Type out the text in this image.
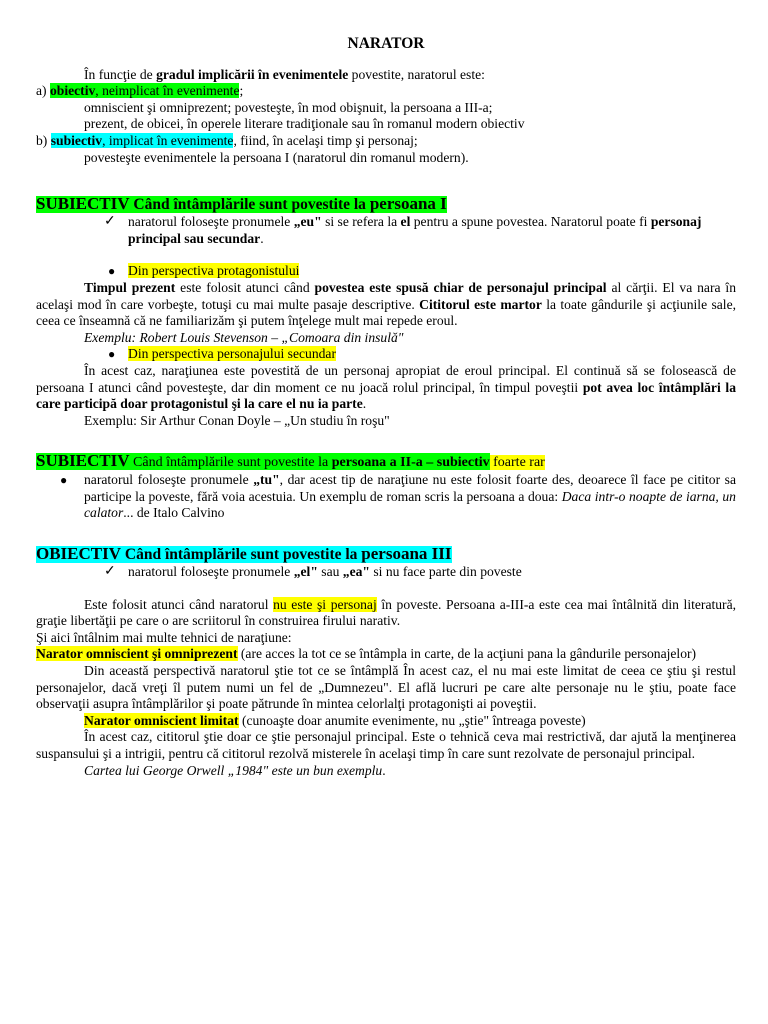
NARATOR

În funcţie de gradul implicării în evenimentele povestite, naratorul este:

a) obiectiv, neimplicat în evenimente;

omniscient şi omniprezent; povesteşte, în mod obişnuit, la persoana a III-a;

prezent, de obicei, în operele literare tradiţionale sau în romanul modern obiectiv

b) subiectiv, implicat în evenimente, fiind, în acelaşi timp şi personaj;

povesteşte evenimentele la persoana I (naratorul din romanul modern).

SUBIECTIV Când întâmplările sunt povestite la persoana I

✓ naratorul foloseşte pronumele „eu" si se refera la el pentru a spune povestea. Naratorul poate fi personaj principal sau secundar.
● Din perspectiva protagonistului

Timpul prezent este folosit atunci când povestea este spusă chiar de personajul principal al cărţii. El va nara în acelaşi mod în care vorbeşte, totuşi cu mai multe pasaje descriptive. Cititorul este martor la toate gândurile şi acţiunile sale, ceea ce înseamnă că ne familiarizăm şi putem înţelege mult mai repede eroul.

Exemplu: Robert Louis Stevenson – „Comoara din insulă"

● Din perspectiva personajului secundar

În acest caz, naraţiunea este povestită de un personaj apropiat de eroul principal. El continuă să se folosească de persoana I atunci când povesteşte, dar din moment ce nu joacă rolul principal, în timpul poveştii pot avea loc întâmplări la care participă doar protagonistul şi la care el nu ia parte.

Exemplu: Sir Arthur Conan Doyle – „Un studiu în roşu"

SUBIECTIV Când întâmplările sunt povestite la persoana a II-a – subiectiv foarte rar

● naratorul foloseşte pronumele „tu", dar acest tip de naraţiune nu este folosit foarte des, deoarece îl face pe cititor sa participe la poveste, fără voia acestuia. Un exemplu de roman scris la persoana a doua: Daca intr-o noapte de iarna, un calator... de Italo Calvino

OBIECTIV Când întâmplările sunt povestite la persoana III

✓ naratorul foloseşte pronumele „el" sau „ea" si nu face parte din poveste

Este folosit atunci când naratorul nu este şi personaj în poveste. Persoana a-III-a este cea mai întâlnită din literatură, graţie libertăţii pe care o are scriitorul în construirea firului narativ.

Şi aici întâlnim mai multe tehnici de naraţiune:

Narator omniscient şi omniprezent (are acces la tot ce se întâmpla in carte, de la acţiuni pana la gândurile personajelor)

Din această perspectivă naratorul ştie tot ce se întâmplă În acest caz, el nu mai este limitat de ceea ce ştiu şi restul personajelor, dacă vreţi îl putem numi un fel de „Dumnezeu". El află lucruri pe care alte personaje nu le ştiu, poate face observaţii asupra întâmplărilor şi poate pătrunde în mintea celorlalţi protagonişti ai poveştii.

Narator omniscient limitat (cunoaşte doar anumite evenimente, nu „ştie" întreaga poveste)

În acest caz, cititorul ştie doar ce ştie personajul principal. Este o tehnică ceva mai restrictivă, dar ajută la menţinerea suspansului şi a intrigii, pentru că cititorul rezolvă misterele în acelaşi timp în care sunt rezolvate de personajul principal.

Cartea lui George Orwell „1984" este un bun exemplu.
